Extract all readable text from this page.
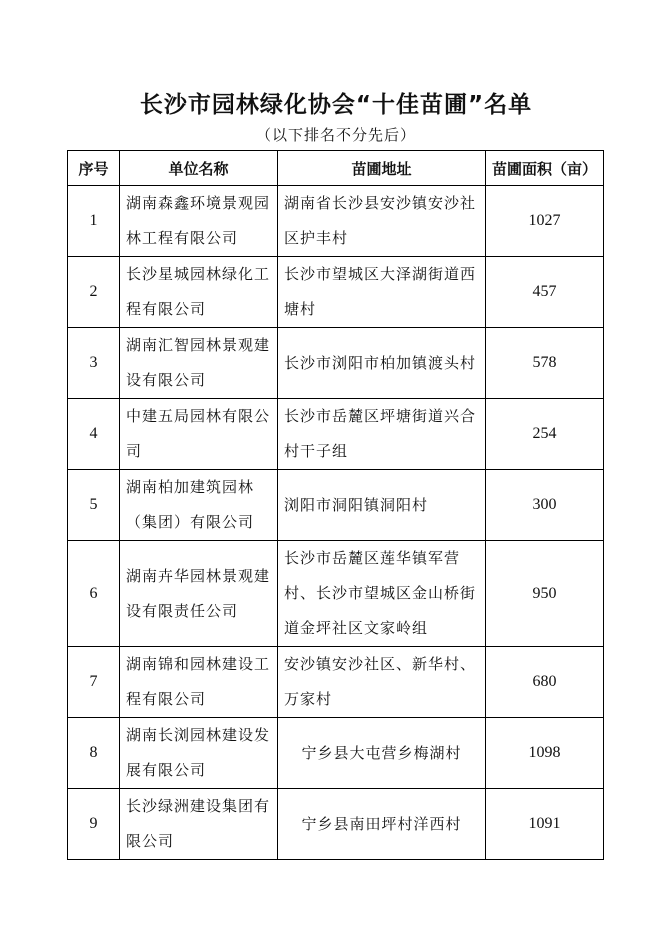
长沙市园林绿化协会“十佳苗圃”名单
（以下排名不分先后）
序号	单位名称	苗圃地址	苗圃面积（亩）
1	湖南森鑫环境景观园林工程有限公司	湖南省长沙县安沙镇安沙社区护丰村	1027
2	长沙星城园林绿化工程有限公司	长沙市望城区大泽湖街道西塘村	457
3	湖南汇智园林景观建设有限公司	长沙市浏阳市柏加镇渡头村	578
4	中建五局园林有限公司	长沙市岳麓区坪塘街道兴合村干子组	254
5	湖南柏加建筑园林（集团）有限公司	浏阳市洞阳镇洞阳村	300
6	湖南卉华园林景观建设有限责任公司	长沙市岳麓区莲华镇军营村、长沙市望城区金山桥街道金坪社区文家岭组	950
7	湖南锦和园林建设工程有限公司	安沙镇安沙社区、新华村、万家村	680
8	湖南长浏园林建设发展有限公司	宁乡县大屯营乡梅湖村	1098
9	长沙绿洲建设集团有限公司	宁乡县南田坪村洋西村	1091
